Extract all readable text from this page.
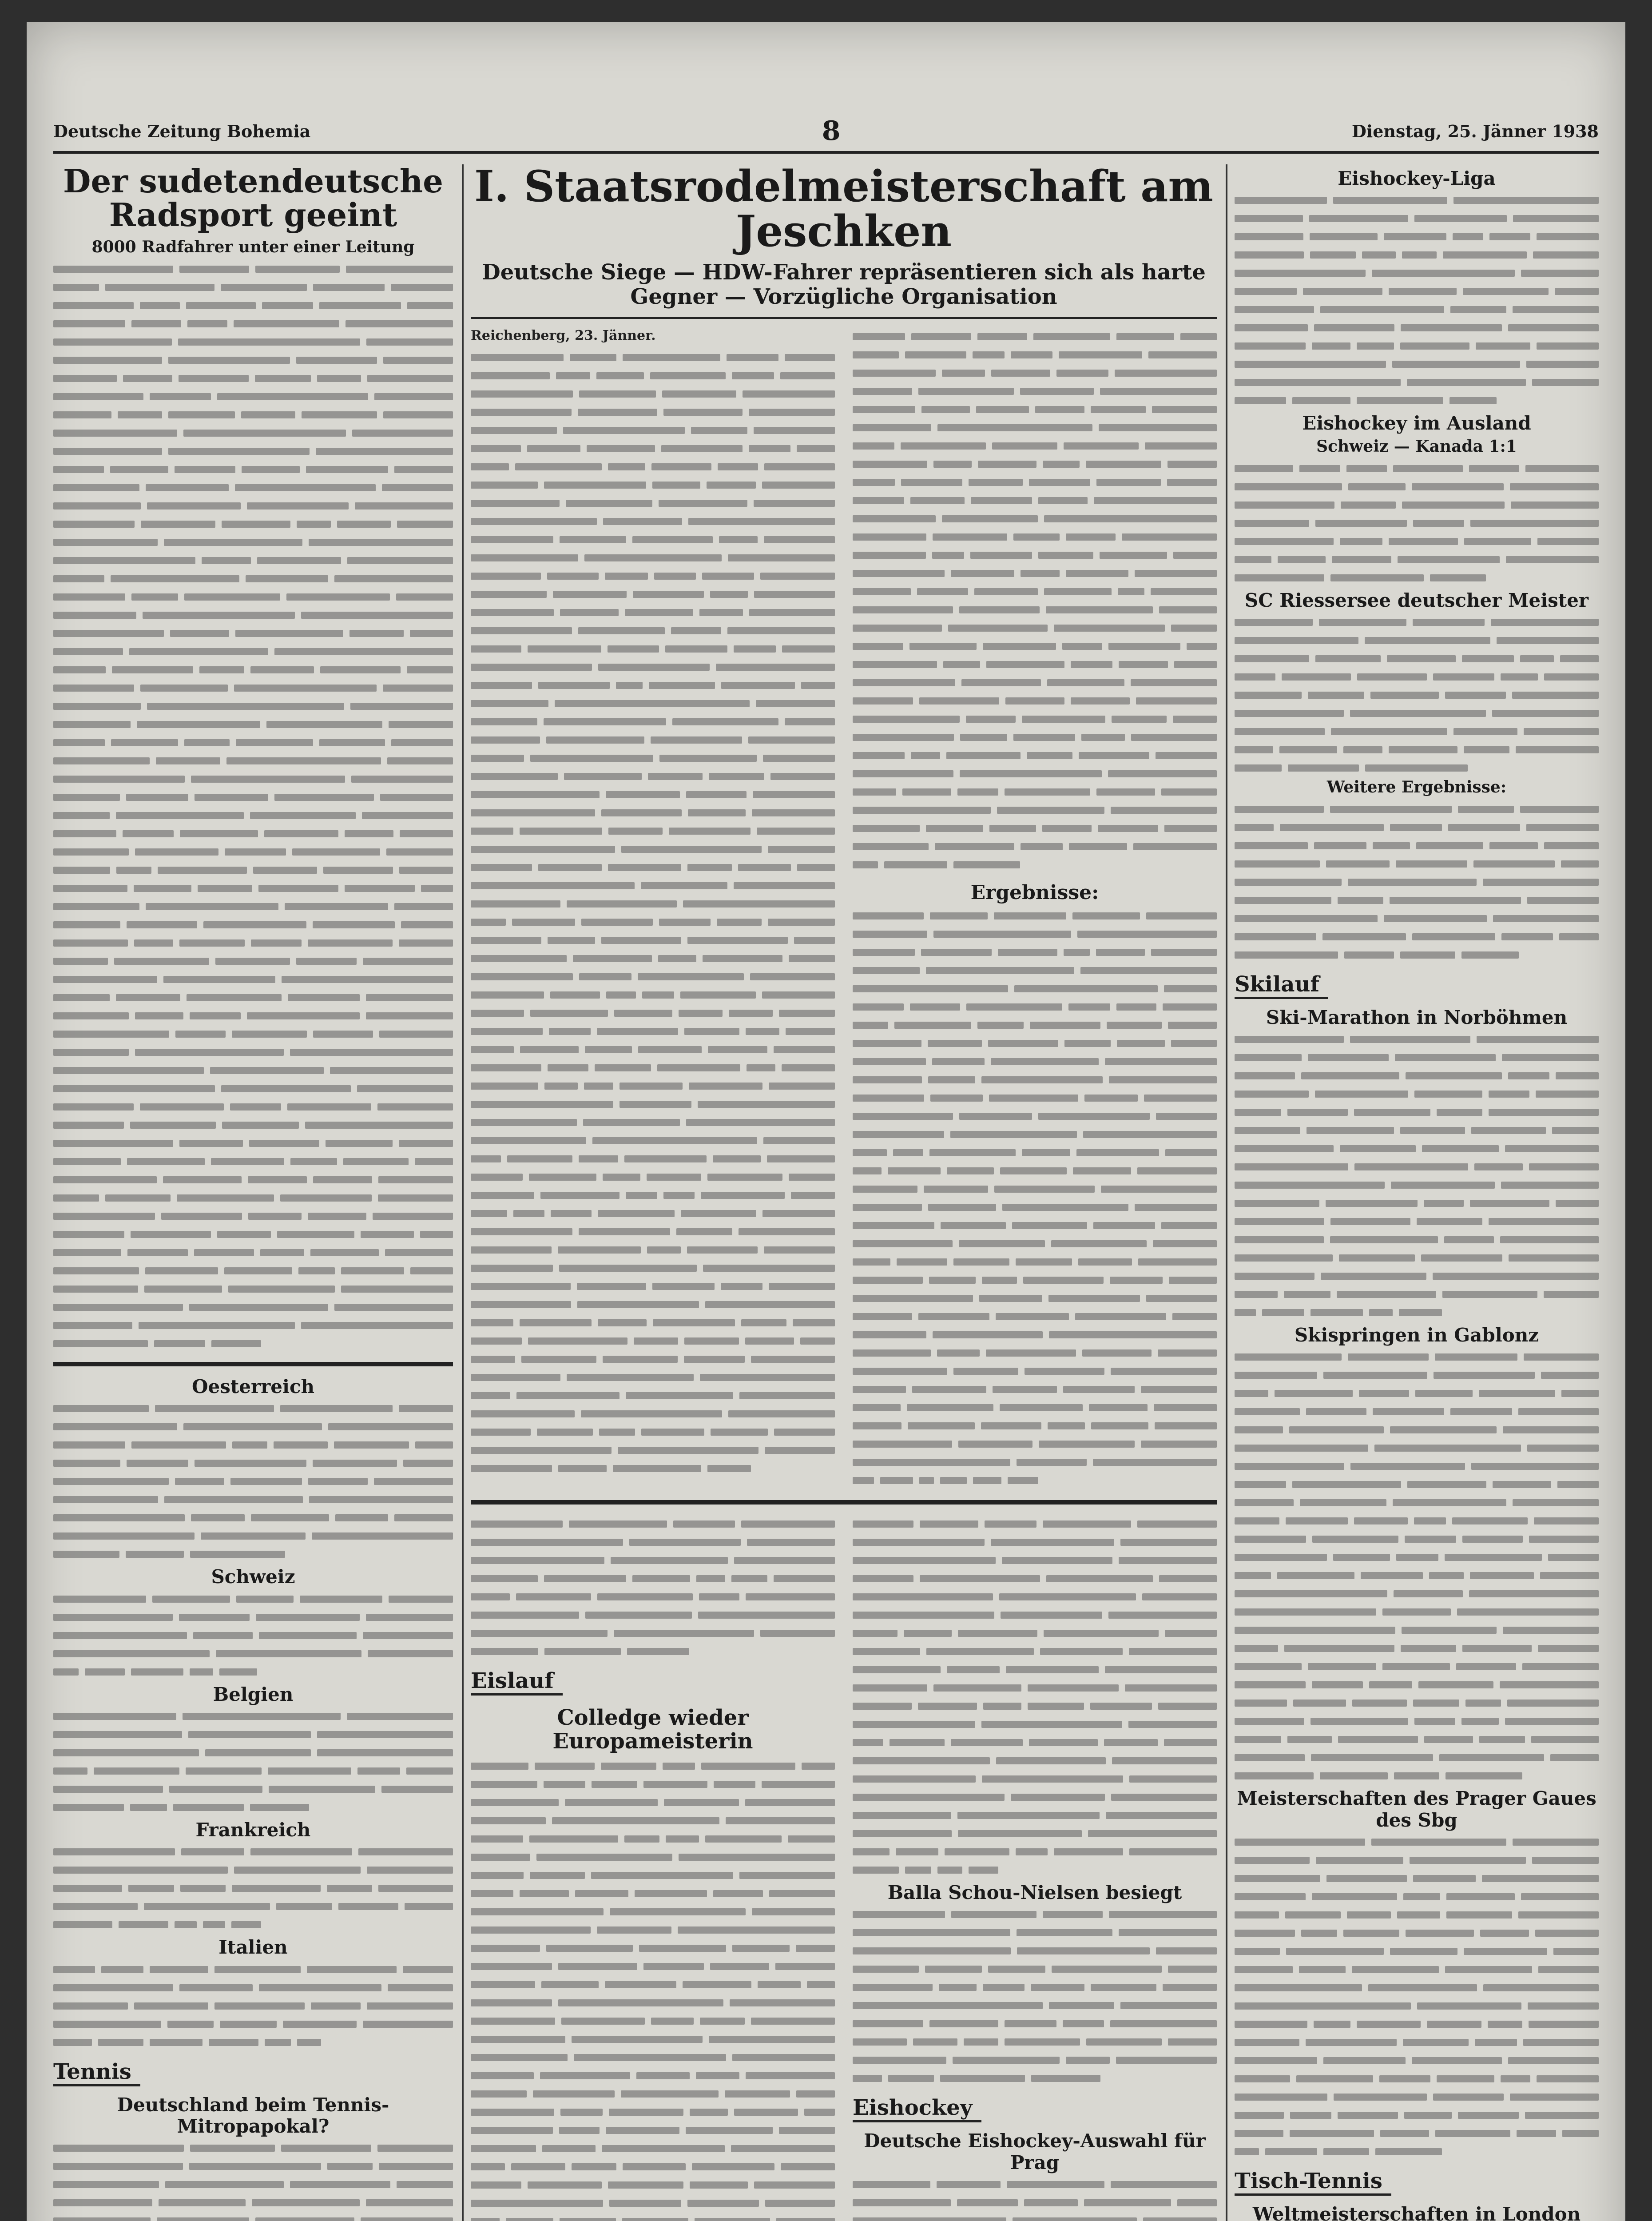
Deutsche Zeitung Bohemia	8	Dienstag, 25. Jänner 1938
Der sudetendeutsche Radsport geeint
8000 Radfahrer unter einer Leitung
Oesterreich
Schweiz
Belgien
Frankreich
Italien
Tennis
Deutschland beim Tennis-Mitropapokal?
I. Staatsrodelmeisterschaft am Jeschken
Deutsche Siege — HDW-Fahrer repräsentieren sich als harte Gegner — Vorzügliche Organisation

Reichenberg, 23. Jänner.

Ergebnisse:
Eislauf
Colledge wieder Europameisterin
Balla Schou-Nielsen besiegt
Eishockey
Deutsche Eishockey-Auswahl für Prag
Eishockey-Liga
Eishockey im Ausland
Schweiz — Kanada 1:1
SC Riessersee deutscher Meister
Weitere Ergebnisse:
Skilauf
Ski-Marathon in Norböhmen
Skispringen in Gablonz
Meisterschaften des Prager Gaues des Sbg
Tisch-Tennis
Weltmeisterschaften in London
